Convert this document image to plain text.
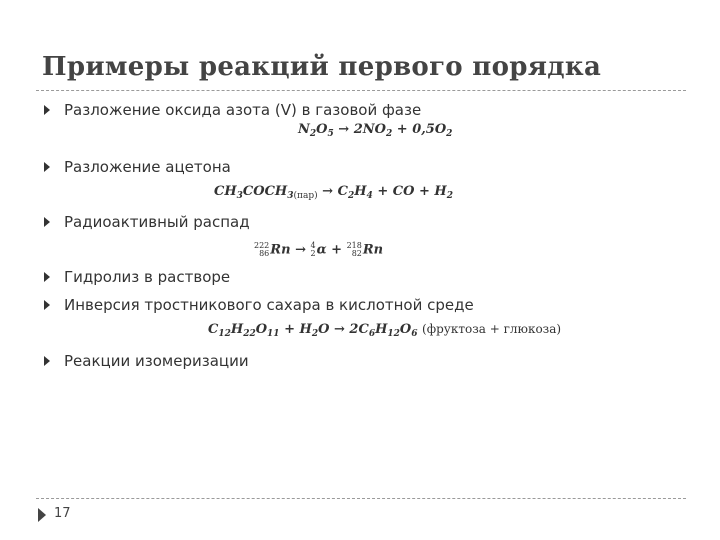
Примеры реакций первого порядка
Разложение оксида азота (V) в газовой фазе
$N_2O_5 \to 2NO_2 + 0,5O_2$
Разложение ацетона
$CH_3COCH_{3(пар)} \to C_2H_4$ + CO + $H_2$
Радиоактивный распад
222
86 Rn → 4
2 α + 218
82 Rn
Гидролиз в растворе
Инверсия тростникового сахара в кислотной среде
$C_{12}H_{22}O_{11} + H_2O \to 2C_6H_{12}O_6$ (фруктоза + глюкоза)
Реакции изомеризации
17
